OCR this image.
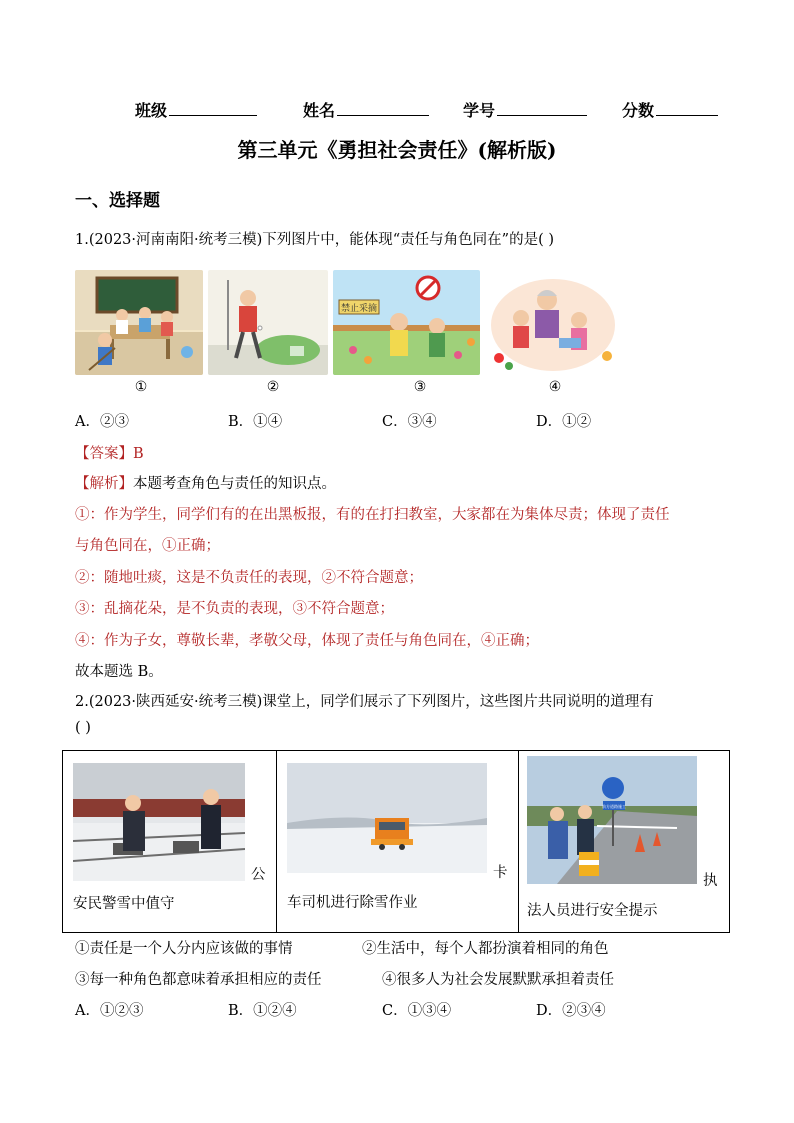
班级	姓名	学号	分数
第三单元《勇担社会责任》(解析版)
一、选择题
1.(2023·河南南阳·统考三模)下列图片中，能体现“责任与角色同在”的是( )
禁止采摘
①	②	③	④
A．②③	B．①④	C．③④	D．①②
【答案】B
【解析】本题考查角色与责任的知识点。
①：作为学生，同学们有的在出黑板报，有的在打扫教室，大家都在为集体尽责；体现了责任
与角色同在，①正确；
②：随地吐痰，这是不负责任的表现，②不符合题意；
③：乱摘花朵，是不负责的表现，③不符合题意；
④：作为子女，尊敬长辈，孝敬父母，体现了责任与角色同在，④正确；
故本题选 B。
2.(2023·陕西延安·统考三模)课堂上，同学们展示了下列图片，这些图片共同说明的道理有
( )
公
安民警雪中值守
卡
车司机进行除雪作业
前方道路施工
执
法人员进行安全提示
①责任是一个人分内应该做的事情	②生活中，每个人都扮演着相同的角色
③每一种角色都意味着承担相应的责任	④很多人为社会发展默默承担着责任
A．①②③	B．①②④	C．①③④	D．②③④
